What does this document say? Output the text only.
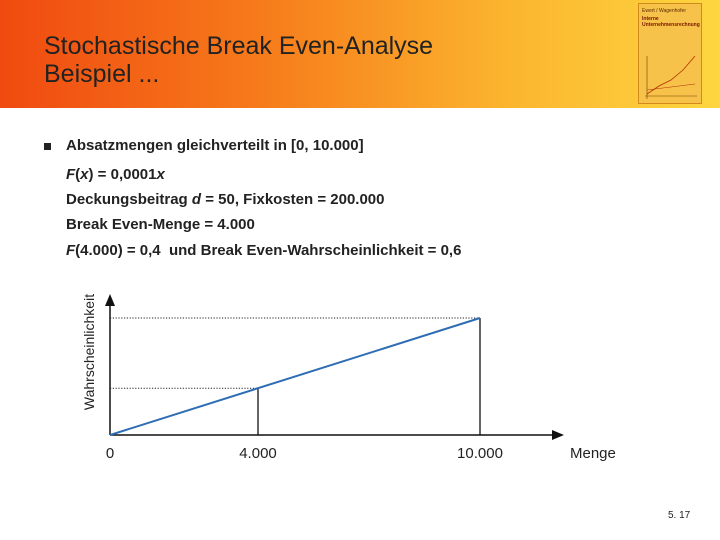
Stochastische Break Even-Analyse
Beispiel ...
Ewert / Wagenhofer
Interne
Unternehmensrechnung
Absatzmengen gleichverteilt in [0, 10.000]
F(x) = 0,0001x
Deckungsbeitrag d = 50, Fixkosten = 200.000
Break Even-Menge = 4.000
F(4.000) = 0,4  und Break Even-Wahrscheinlichkeit = 0,6
0	4.000	10.000	Menge
Wahrscheinlichkeit
5. 17
